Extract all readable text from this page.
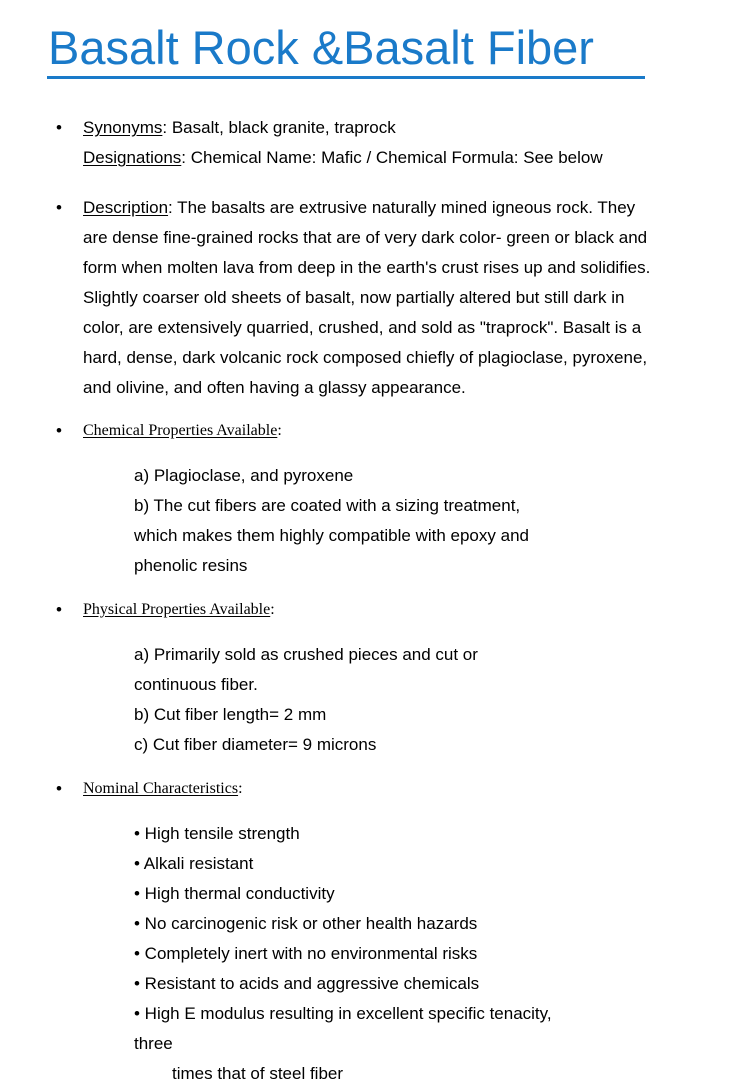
Basalt Rock &Basalt Fiber
• Synonyms: Basalt, black granite, traprock

Designations: Chemical Name: Mafic / Chemical Formula: See below

• Description: The basalts are extrusive naturally mined igneous rock. They

are dense fine-grained rocks that are of very dark color- green or black and

form when molten lava from deep in the earth's crust rises up and solidifies.

Slightly coarser old sheets of basalt, now partially altered but still dark in

color, are extensively quarried, crushed, and sold as "traprock". Basalt is a

hard, dense, dark volcanic rock composed chiefly of plagioclase, pyroxene,

and olivine, and often having a glassy appearance.

• Chemical Properties Available:
a) Plagioclase, and pyroxene
b) The cut fibers are coated with a sizing treatment,
which makes them highly compatible with epoxy and
phenolic resins
• Physical Properties Available:
a) Primarily sold as crushed pieces and cut or
continuous fiber.
b) Cut fiber length= 2 mm
c) Cut fiber diameter= 9 microns
• Nominal Characteristics:
• High tensile strength
• Alkali resistant
• High thermal conductivity
• No carcinogenic risk or other health hazards
• Completely inert with no environmental risks
• Resistant to acids and aggressive chemicals
• High E modulus resulting in excellent specific tenacity,
three
times that of steel fiber
